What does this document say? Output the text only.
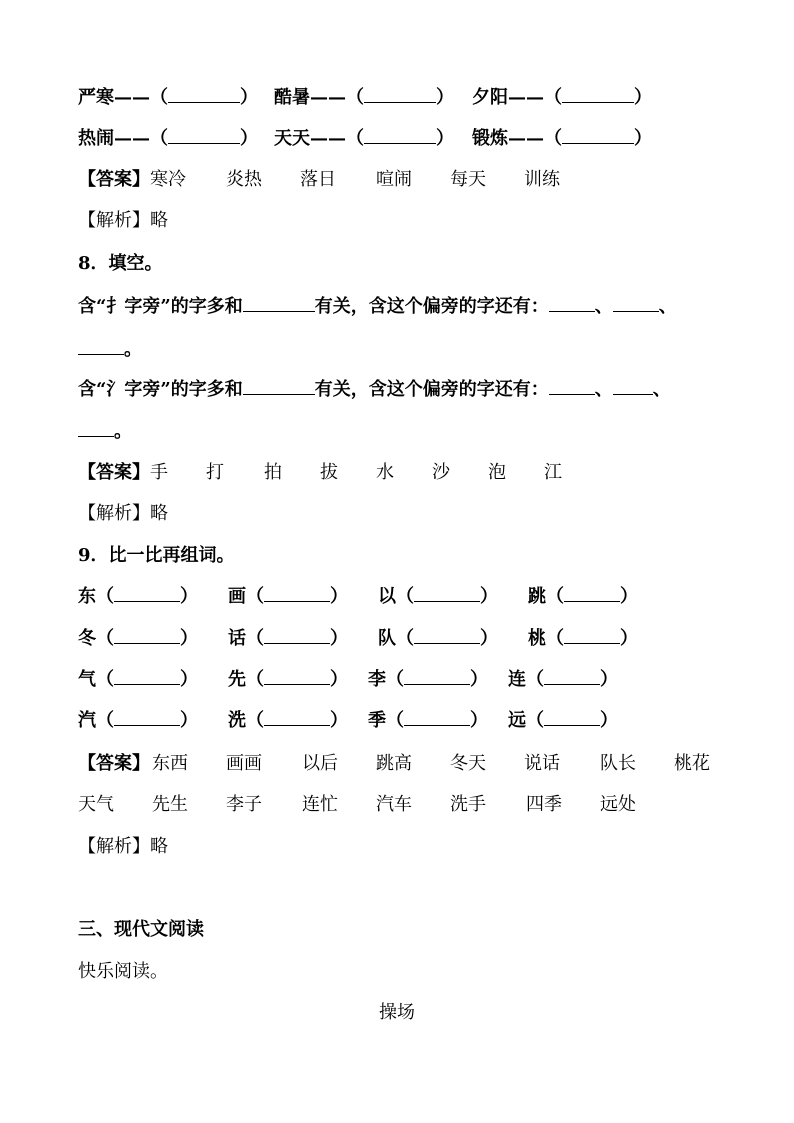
严寒——（	） 酷暑——（	） 夕阳——（	）
热闹——（	） 天天——（	） 锻炼——（	）
【答案】 寒冷 炎热 落日 喧闹 每天 训练
【解析】略
8．填空。
含“扌字旁”的字多和	有关，含这个偏旁的字还有：	、	、
。
含“氵字旁”的字多和	有关，含这个偏旁的字还有：	、 、
。
【答案】 手 打 拍 拔 水 沙 泡 江
【解析】略
9．比一比再组词。
东（	） 画（	） 以（	） 跳（	）
冬（	） 话（	） 队（	） 桃（	）
气（	） 先（	） 李（	） 连（	）
汽（	） 洗（	） 季（	） 远（	）
【答案】 东西 画画 以后 跳高 冬天 说话 队长 桃花
天气 先生 李子 连忙 汽车 洗手 四季 远处
【解析】略
三、现代文阅读
快乐阅读。
操场
